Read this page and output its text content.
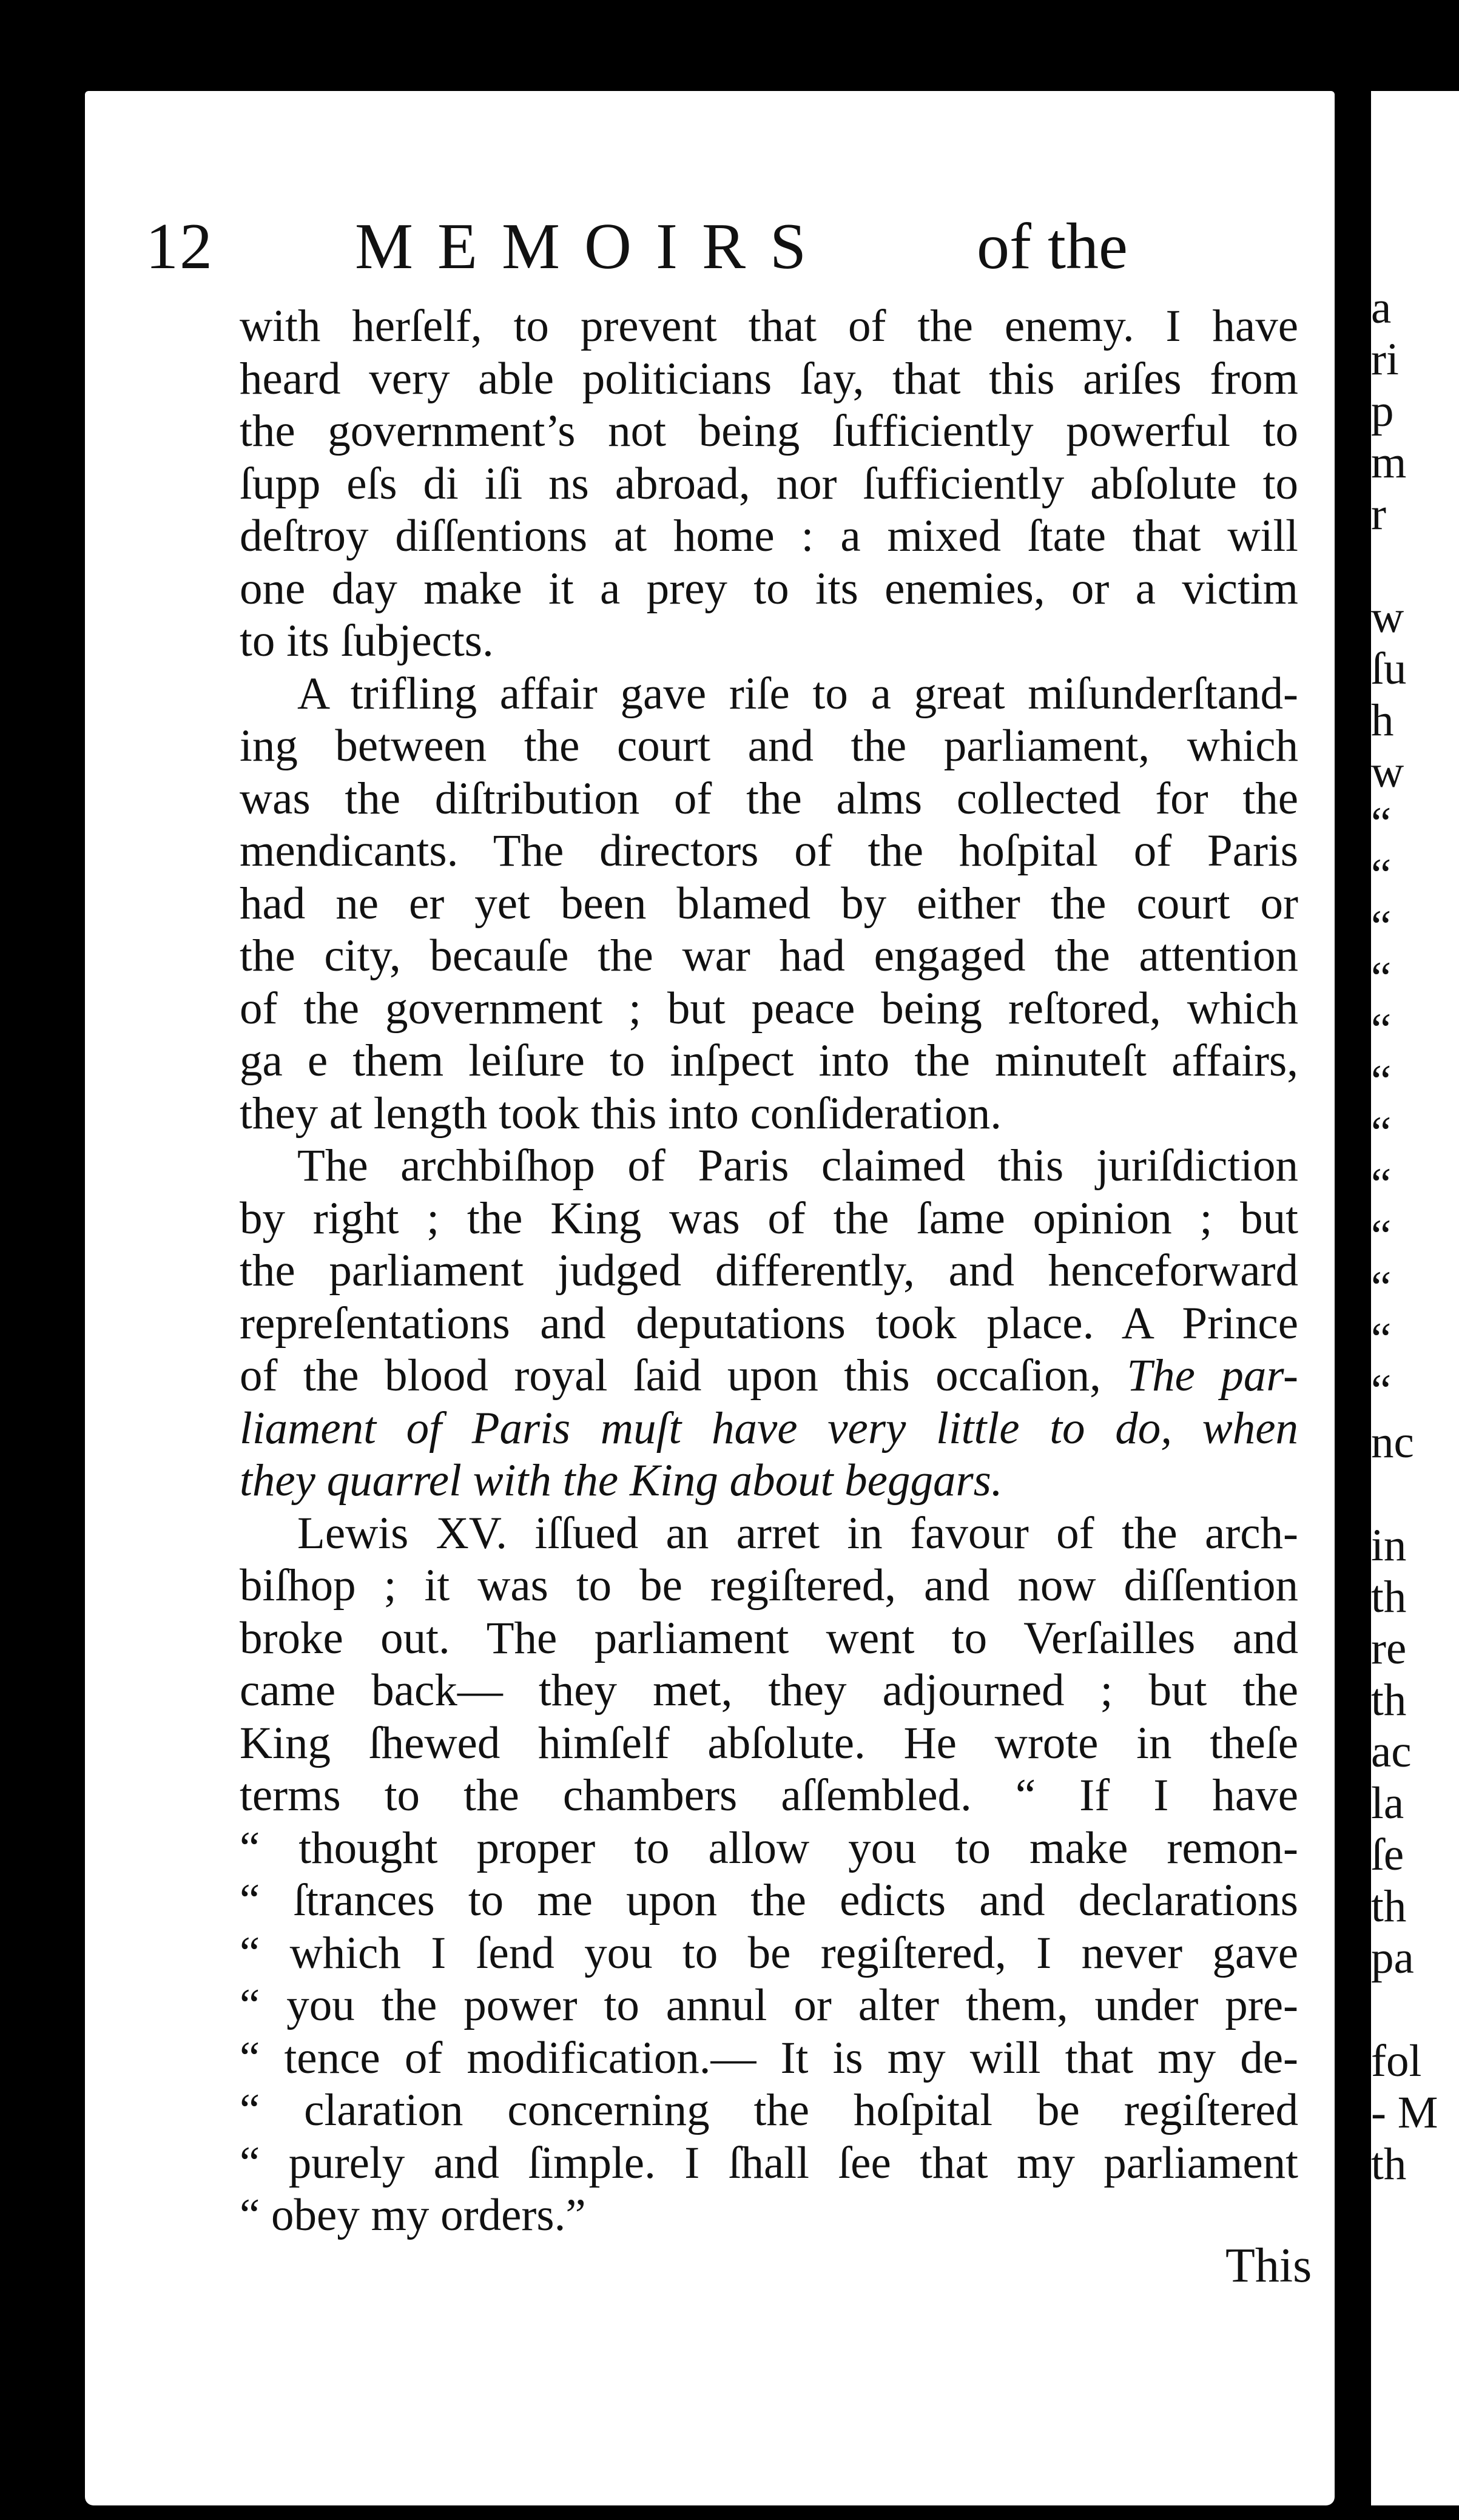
a
ri
p
m
r
w
ſu
h
w
“
“
“
“
“
“
“
“
“
“
“
“
nc
in
th
re
th
ac
la
ſe
th
pa
fol
- M
th
12 MEMOIRS of the
with herſelf, to prevent that of the enemy. I have
heard very able politicians ſay, that this ariſes from
the government’s not being ſufficiently powerful to
ſupp eſs di iſi ns abroad, nor ſufficiently abſolute to
deſtroy diſſentions at home : a mixed ſtate that will
one day make it a prey to its enemies, or a victim
to its ſubjects.
A trifling affair gave riſe to a great miſunderſtand-
ing between the court and the parliament, which
was the diſtribution of the alms collected for the
mendicants. The directors of the hoſpital of Paris
had ne er yet been blamed by either the court or
the city, becauſe the war had engaged the attention
of the government ; but peace being reſtored, which
ga e them leiſure to inſpect into the minuteſt affairs,
they at length took this into conſideration.
The archbiſhop of Paris claimed this juriſdiction
by right ; the King was of the ſame opinion ; but
the parliament judged differently, and henceforward
repreſentations and deputations took place. A Prince
of the blood royal ſaid upon this occaſion, The par-
liament of Paris muſt have very little to do, when
they quarrel with the King about beggars.
Lewis XV. iſſued an arret in favour of the arch-
biſhop ; it was to be regiſtered, and now diſſention
broke out. The parliament went to Verſailles and
came back— they met, they adjourned ; but the
King ſhewed himſelf abſolute. He wrote in theſe
terms to the chambers aſſembled. “ If I have
“ thought proper to allow you to make remon-
“ ſtrances to me upon the edicts and declarations
“ which I ſend you to be regiſtered, I never gave
“ you the power to annul or alter them, under pre-
“ tence of modification.— It is my will that my de-
“ claration concerning the hoſpital be regiſtered
“ purely and ſimple. I ſhall ſee that my parliament
“ obey my orders.”
This
